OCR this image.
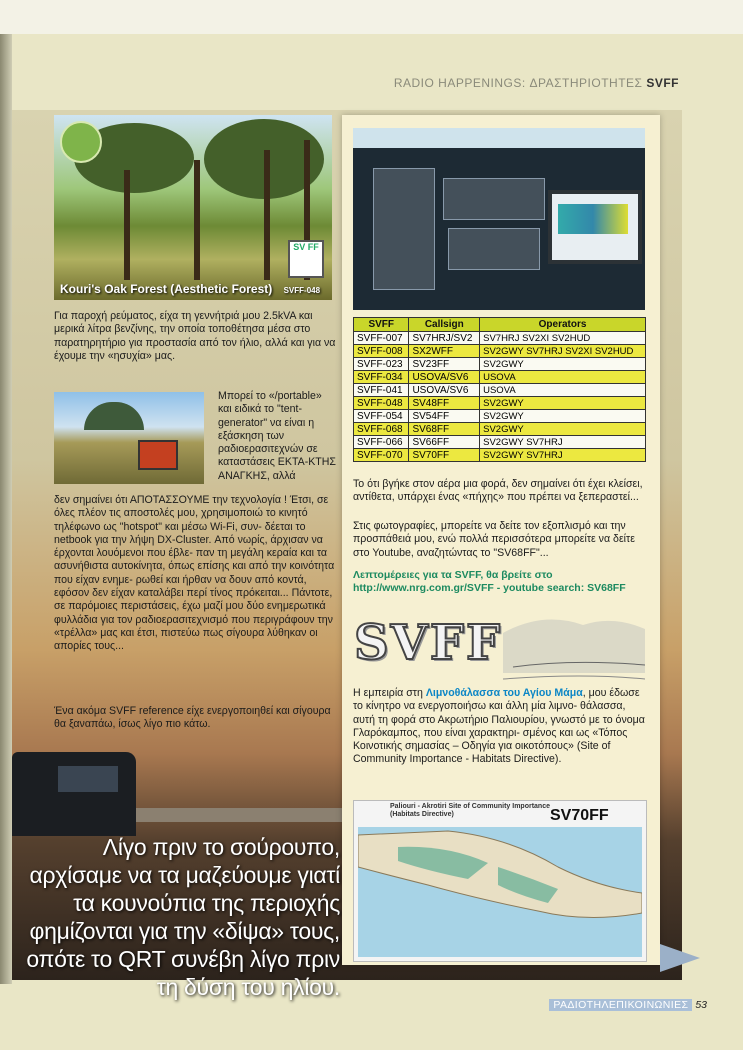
RADIO HAPPENINGS: ΔΡΑΣΤΗΡΙΟΤΗΤΕΣ SVFF
SV FF
Kouri's Oak Forest (Aesthetic Forest) SVFF-048

Για παροχή ρεύματος, είχα τη γεννήτριά μου 2.5kVA και μερικά λίτρα βενζίνης, την οποία τοποθέτησα μέσα στο παρατηρητήριο για προστασία από τον ήλιο, αλλά και για να έχουμε την «ησυχία» μας.

Μπορεί το «/portable» και ειδικά το "tent-generator" να είναι η εξάσκηση των ραδιοερασιτεχνών σε καταστάσεις ΕΚΤΑ-ΚΤΗΣ ΑΝΑΓΚΗΣ, αλλά

δεν σημαίνει ότι ΑΠΟΤΑΣΣΟΥΜΕ την τεχνολογία ! Έτσι, σε όλες πλέον τις αποστολές μου, χρησιμοποιώ το κινητό τηλέφωνο ως "hotspot" και μέσω Wi-Fi, συν- δέεται το netbook για την λήψη DX-Cluster. Από νωρίς, άρχισαν να έρχονται λουόμενοι που έβλε- παν τη μεγάλη κεραία και τα ασυνήθιστα αυτοκίνητα, όπως επίσης και από την κοινότητα που είχαν ενημε- ρωθεί και ήρθαν να δουν από κοντά, εφόσον δεν είχαν καταλάβει περί τίνος πρόκειται... Πάντοτε, σε παρόμοιες περιστάσεις, έχω μαζί μου δύο ενημερωτικά φυλλάδια για τον ραδιοερασιτεχνισμό που περιγράφουν την «τρέλλα» μας και έτσι, πιστεύω πως σίγουρα λύθηκαν οι απορίες τους...

Ένα ακόμα SVFF reference είχε ενεργοποιηθεί και σίγουρα θα ξαναπάω, ίσως λίγο πιο κάτω.

Λίγο πριν το σούρουπο, αρχίσαμε να τα μαζεύουμε γιατί τα κουνούπια της περιοχής φημίζονται για την «δίψα» τους, οπότε το QRT συνέβη λίγο πριν τη δύση του ηλίου.
SVFF	Callsign	Operators
SVFF-007	SV7HRJ/SV2	SV7HRJ SV2XI SV2HUD
SVFF-008	SX2WFF	SV2GWY SV7HRJ SV2XI SV2HUD
SVFF-023	SV23FF	SV2GWY
SVFF-034	USOVA/SV6	USOVA
SVFF-041	USOVA/SV6	USOVA
SVFF-048	SV48FF	SV2GWY
SVFF-054	SV54FF	SV2GWY
SVFF-068	SV68FF	SV2GWY
SVFF-066	SV66FF	SV2GWY SV7HRJ
SVFF-070	SV70FF	SV2GWY SV7HRJ

Το ότι βγήκε στον αέρα μια φορά, δεν σημαίνει ότι έχει κλείσει, αντίθετα, υπάρχει ένας «πήχης» που πρέπει να ξεπεραστεί...

Στις φωτογραφίες, μπορείτε να δείτε τον εξοπλισμό και την προσπάθειά μου, ενώ πολλά περισσότερα μπορείτε να δείτε στο Youtube, αναζητώντας το "SV68FF"...

Λεπτομέρειες για τα SVFF, θα βρείτε στο http://www.nrg.com.gr/SVFF - youtube search: SV68FF

SVFF

Η εμπειρία στη Λιμνοθάλασσα του Αγίου Μάμα, μου έδωσε το κίνητρο να ενεργοποιήσω και άλλη μία λιμνο- θάλασσα, αυτή τη φορά στο Ακρωτήριο Παλιουρίου, γνωστό με το όνομα Γλαρόκαμπος, που είναι χαρακτηρι- σμένος και ως «Τόπος Κοινοτικής σημασίας – Οδηγία για οικοτόπους» (Site of Community Importance - Habitats Directive).

Paliouri - Akrotiri Site of Community Importance (Habitats Directive)	SV70FF
ΡΑΔΙΟΤΗΛΕΠΙΚΟΙΝΩΝΙΕΣ 53
